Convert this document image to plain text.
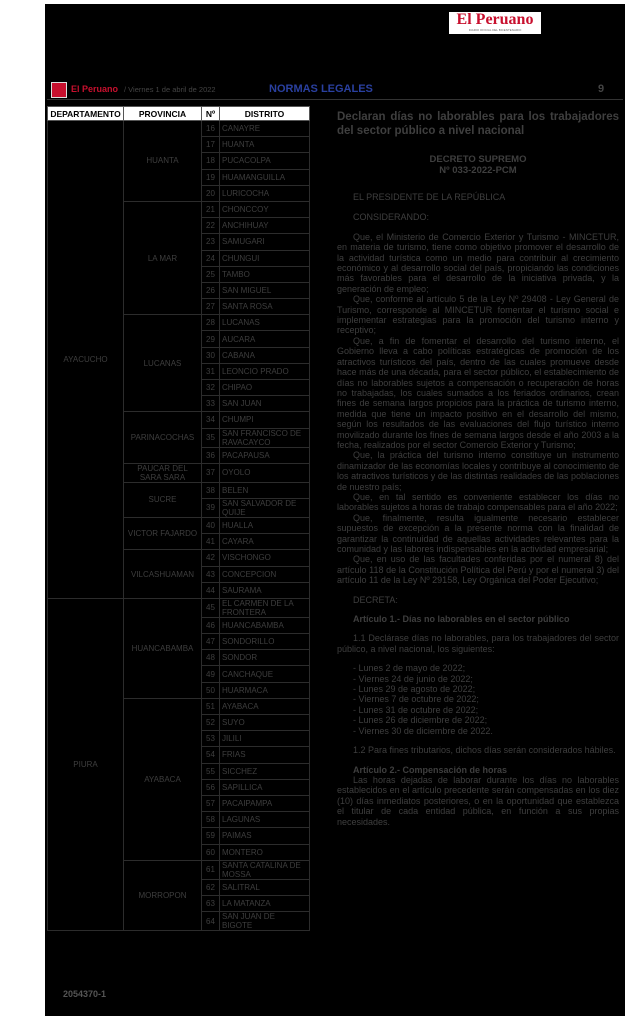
El Peruano
DIARIO OFICIAL DEL BICENTENARIO
El Peruano / Viernes 1 de abril de 2022	NORMAS LEGALES	9
DEPARTAMENTO	PROVINCIA	Nº	DISTRITO
AYACUCHO	HUANTA	16	CANAYRE
		17	HUANTA
		18	PUCACOLPA
		19	HUAMANGUILLA
		20	LURICOCHA
	LA MAR	21	CHONCCOY
		22	ANCHIHUAY
		23	SAMUGARI
		24	CHUNGUI
		25	TAMBO
		26	SAN MIGUEL
		27	SANTA ROSA
	LUCANAS	28	LUCANAS
		29	AUCARA
		30	CABANA
		31	LEONCIO PRADO
		32	CHIPAO
		33	SAN JUAN
	PARINACOCHAS	34	CHUMPI
		35	SAN FRANCISCO DE RAVACAYCO
		36	PACAPAUSA
	PAUCAR DEL SARA SARA	37	OYOLO
	SUCRE	38	BELEN
		39	SAN SALVADOR DE QUIJE
	VICTOR FAJARDO	40	HUALLA
		41	CAYARA
	VILCASHUAMAN	42	VISCHONGO
		43	CONCEPCION
		44	SAURAMA
PIURA	HUANCABAMBA	45	EL CARMEN DE LA FRONTERA
		46	HUANCABAMBA
		47	SONDORILLO
		48	SONDOR
		49	CANCHAQUE
		50	HUARMACA
	AYABACA	51	AYABACA
		52	SUYO
		53	JILILI
		54	FRIAS
		55	SICCHEZ
		56	SAPILLICA
		57	PACAIPAMPA
		58	LAGUNAS
		59	PAIMAS
		60	MONTERO
	MORROPON	61	SANTA CATALINA DE MOSSA
		62	SALITRAL
		63	LA MATANZA
		64	SAN JUAN DE BIGOTE
2054370-1
Declaran días no laborables para los trabajadores del sector público a nivel nacional
DECRETO SUPREMO
Nº 033-2022-PCM

EL PRESIDENTE DE LA REPÚBLICA

CONSIDERANDO:

Que, el Ministerio de Comercio Exterior y Turismo - MINCETUR, en materia de turismo, tiene como objetivo promover el desarrollo de la actividad turística como un medio para contribuir al crecimiento económico y al desarrollo social del país, propiciando las condiciones más favorables para el desarrollo de la iniciativa privada, y la generación de empleo;

Que, conforme al artículo 5 de la Ley Nº 29408 - Ley General de Turismo, corresponde al MINCETUR fomentar el turismo social e implementar estrategias para la promoción del turismo interno y receptivo;

Que, a fin de fomentar el desarrollo del turismo interno, el Gobierno lleva a cabo políticas estratégicas de promoción de los atractivos turísticos del país, dentro de las cuales promueve desde hace más de una década, para el sector público, el establecimiento de días no laborables sujetos a compensación o recuperación de horas no trabajadas, los cuales sumados a los feriados ordinarios, crean fines de semana largos propicios para la práctica de turismo interno, medida que tiene un impacto positivo en el desarrollo del mismo, según los resultados de las evaluaciones del flujo turístico interno movilizado durante los fines de semana largos desde el año 2003 a la fecha, realizados por el sector Comercio Exterior y Turismo;

Que, la práctica del turismo interno constituye un instrumento dinamizador de las economías locales y contribuye al conocimiento de los atractivos turísticos y de las distintas realidades de las poblaciones de nuestro país;

Que, en tal sentido es conveniente establecer los días no laborables sujetos a horas de trabajo compensables para el año 2022;

Que, finalmente, resulta igualmente necesario establecer supuestos de excepción a la presente norma con la finalidad de garantizar la continuidad de aquellas actividades relevantes para la comunidad y las labores indispensables en la actividad empresarial;

Que, en uso de las facultades conferidas por el numeral 8) del artículo 118 de la Constitución Política del Perú y por el numeral 3) del artículo 11 de la Ley Nº 29158, Ley Orgánica del Poder Ejecutivo;

DECRETA:

Artículo 1.- Días no laborables en el sector público

1.1 Declárase días no laborables, para los trabajadores del sector público, a nivel nacional, los siguientes:

- Lunes 2 de mayo de 2022;
- Viernes 24 de junio de 2022;
- Lunes 29 de agosto de 2022;
- Viernes 7 de octubre de 2022;
- Lunes 31 de octubre de 2022;
- Lunes 26 de diciembre de 2022;
- Viernes 30 de diciembre de 2022.

1.2 Para fines tributarios, dichos días serán considerados hábiles.

Artículo 2.- Compensación de horas

Las horas dejadas de laborar durante los días no laborables establecidos en el artículo precedente serán compensadas en los diez (10) días inmediatos posteriores, o en la oportunidad que establezca el titular de cada entidad pública, en función a sus propias necesidades.
